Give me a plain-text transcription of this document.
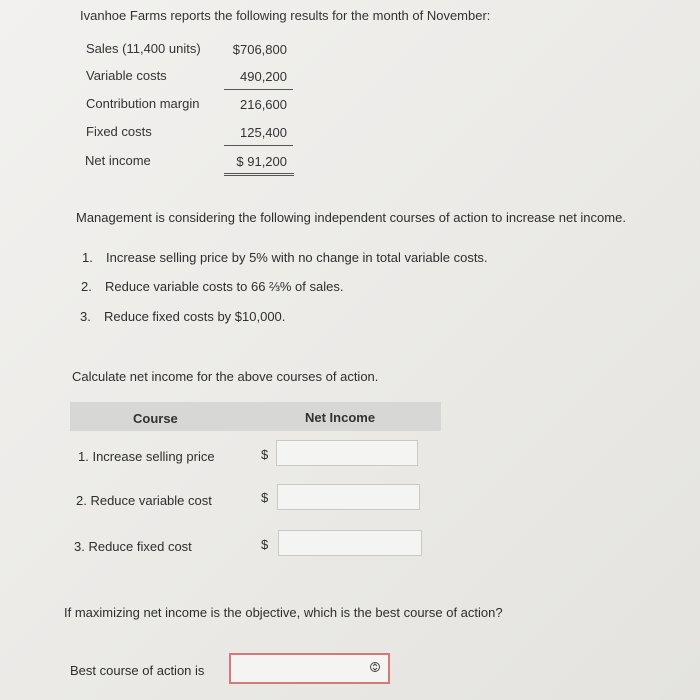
Ivanhoe Farms reports the following results for the month of November:
Sales (11,400 units)	$706,800
Variable costs	490,200
Contribution margin	216,600
Fixed costs	125,400
Net income	$ 91,200
Management is considering the following independent courses of action to increase net income.
1. Increase selling price by 5% with no change in total variable costs.
2. Reduce variable costs to 66 ⅔% of sales.
3. Reduce fixed costs by $10,000.
Calculate net income for the above courses of action.
Course	Net Income
1. Increase selling price	$
2. Reduce variable cost	$
3. Reduce fixed cost	$
If maximizing net income is the objective, which is the best course of action?
Best course of action is
